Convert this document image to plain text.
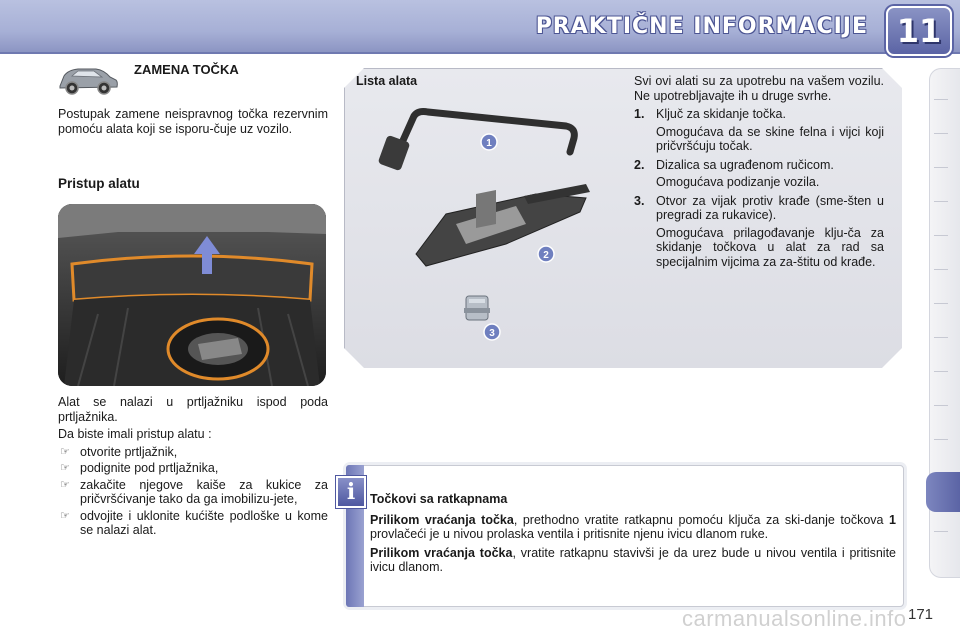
PRAKTIČNE INFORMACIJE 11
ZAMENA TOČKA
Postupak zamene neispravnog točka rezervnim pomoću alata koji se isporu-čuje uz vozilo.
Pristup alatu

Alat se nalazi u prtljažniku ispod poda prtljažnika.

Da biste imali pristup alatu :

☞ otvorite prtljažnik,
☞ podignite pod prtljažnika,
☞ zakačite njegove kaiše za kukice za pričvršćivanje tako da ga imobilizu-jete,
☞ odvojite i uklonite kućište podloške u kome se nalazi alat.
Lista alata
1
2
3

Svi ovi alati su za upotrebu na vašem vozilu. Ne upotrebljavajte ih u druge svrhe.

1. Ključ za skidanje točka.

Omogućava da se skine felna i vijci koji pričvršćuju točak.

2. Dizalica sa ugrađenom ručicom.

Omogućava podizanje vozila.

3. Otvor za vijak protiv krađe (sme-šten u pregradi za rukavice).

Omogućava prilagođavanje klju-ča za skidanje točkova u alat za rad sa specijalnim vijcima za za-štitu od krađe.

i	Točkovi sa ratkapnama

Prilikom vraćanja točka, prethodno vratite ratkapnu pomoću ključa za ski-danje točkova 1 provlačeći je u nivou prolaska ventila i pritisnite njenu ivicu dlanom ruke.

Prilikom vraćanja točka, vratite ratkapnu stavivši je da urez bude u nivou ventila i pritisnite ivicu dlanom.

carmanualsonline.info 171
